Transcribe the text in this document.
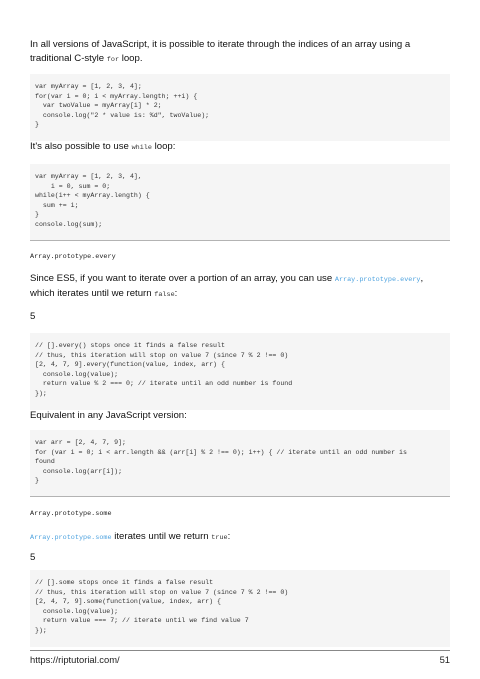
In all versions of JavaScript, it is possible to iterate through the indices of an array using a traditional C-style for loop.

var myArray = [1, 2, 3, 4];
for(var i = 0; i < myArray.length; ++i) {
var twoValue = myArray[i] * 2;
console.log("2 * value is: %d", twoValue);
}

It's also possible to use while loop:

var myArray = [1, 2, 3, 4],
i = 0, sum = 0;
while(i++ < myArray.length) {
sum += i;
}
console.log(sum);
Array.prototype.every

Since ES5, if you want to iterate over a portion of an array, you can use Array.prototype.every, which iterates until we return false:

5
// [].every() stops once it finds a false result
// thus, this iteration will stop on value 7 (since 7 % 2 !== 0)
[2, 4, 7, 9].every(function(value, index, arr) {
console.log(value);
return value % 2 === 0; // iterate until an odd number is found
});

Equivalent in any JavaScript version:

var arr = [2, 4, 7, 9];
for (var i = 0; i < arr.length && (arr[i] % 2 !== 0); i++) { // iterate until an odd number is
found
console.log(arr[i]);
}
Array.prototype.some

Array.prototype.some iterates until we return true:

5
// [].some stops once it finds a false result
// thus, this iteration will stop on value 7 (since 7 % 2 !== 0)
[2, 4, 7, 9].some(function(value, index, arr) {
console.log(value);
return value === 7; // iterate until we find value 7
});
https://riptutorial.com/	51
